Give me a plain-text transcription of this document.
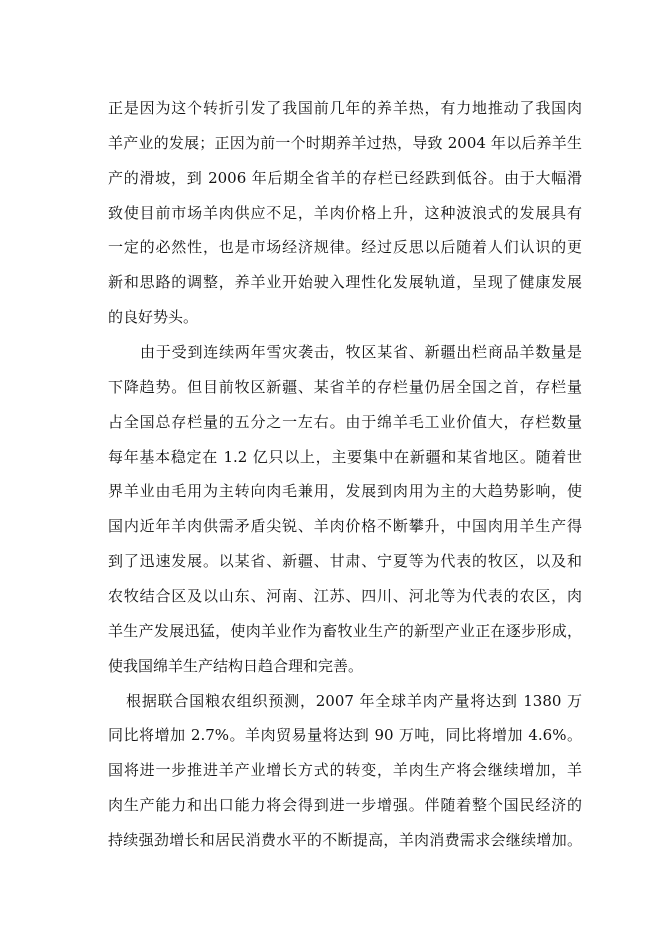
正是因为这个转折引发了我国前几年的养羊热，有力地推动了我国肉
羊产业的发展；正因为前一个时期养羊过热，导致 2004 年以后养羊生
产的滑坡，到 2006 年后期全省羊的存栏已经跌到低谷。由于大幅滑
致使目前市场羊肉供应不足，羊肉价格上升，这种波浪式的发展具有
一定的必然性，也是市场经济规律。经过反思以后随着人们认识的更
新和思路的调整，养羊业开始驶入理性化发展轨道，呈现了健康发展
的良好势头。
由于受到连续两年雪灾袭击，牧区某省、新疆出栏商品羊数量是
下降趋势。但目前牧区新疆、某省羊的存栏量仍居全国之首，存栏量
占全国总存栏量的五分之一左右。由于绵羊毛工业价值大，存栏数量
每年基本稳定在 1.2 亿只以上，主要集中在新疆和某省地区。随着世
界羊业由毛用为主转向肉毛兼用，发展到肉用为主的大趋势影响，使
国内近年羊肉供需矛盾尖锐、羊肉价格不断攀升，中国肉用羊生产得
到了迅速发展。以某省、新疆、甘肃、宁夏等为代表的牧区，以及和
农牧结合区及以山东、河南、江苏、四川、河北等为代表的农区，肉
羊生产发展迅猛，使肉羊业作为畜牧业生产的新型产业正在逐步形成，
使我国绵羊生产结构日趋合理和完善。
根据联合国粮农组织预测，2007 年全球羊肉产量将达到 1380 万
同比将增加 2.7%。羊肉贸易量将达到 90 万吨，同比将增加 4.6%。
国将进一步推进羊产业增长方式的转变，羊肉生产将会继续增加，羊
肉生产能力和出口能力将会得到进一步增强。伴随着整个国民经济的
持续强劲增长和居民消费水平的不断提高，羊肉消费需求会继续增加。
